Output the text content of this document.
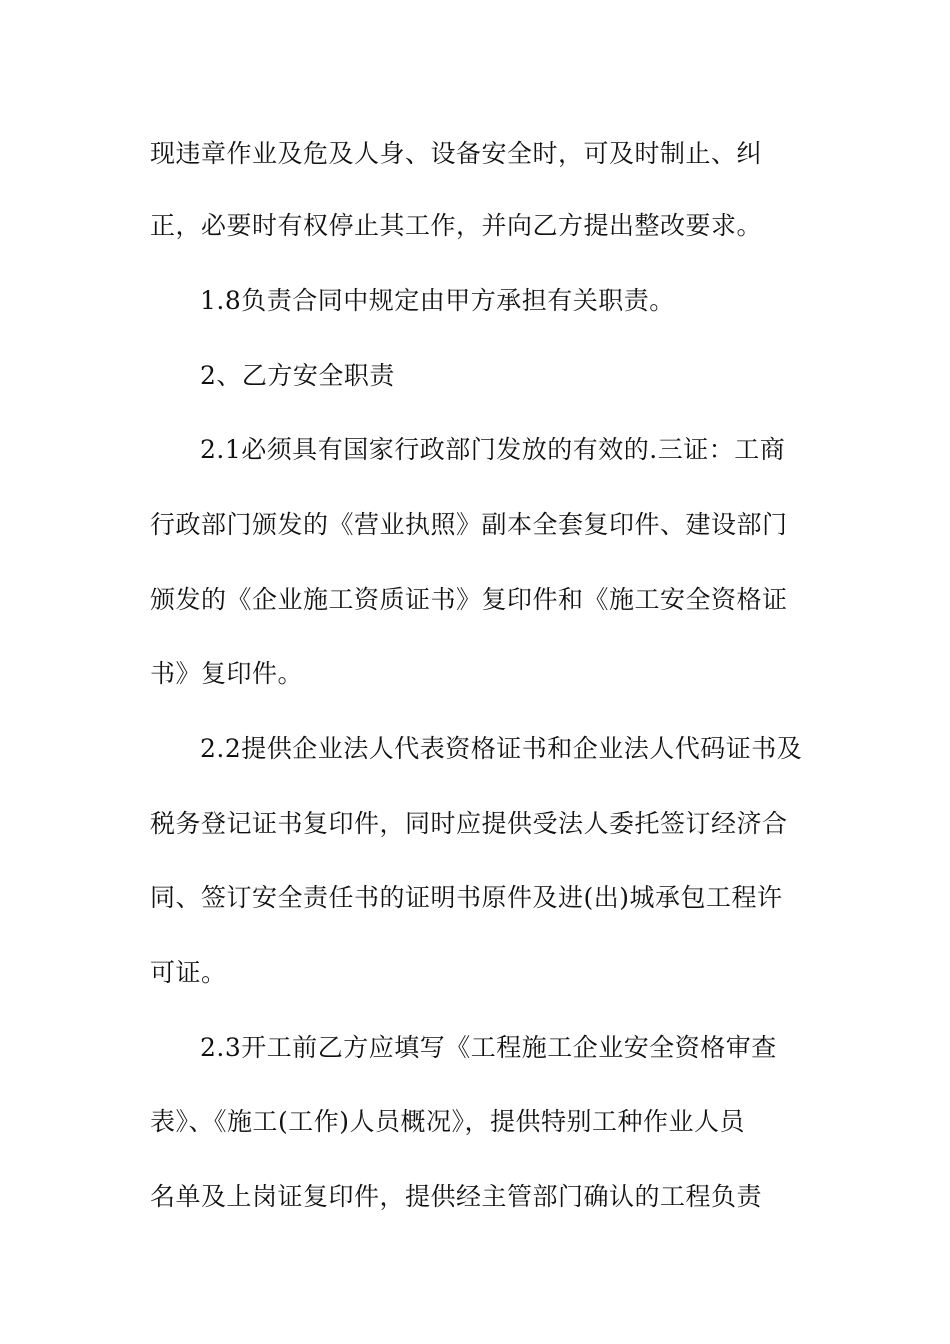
现违章作业及危及人身、设备安全时，可及时制止、纠
正，必要时有权停止其工作，并向乙方提出整改要求。
1.8负责合同中规定由甲方承担有关职责。
2、乙方安全职责
2.1必须具有国家行政部门发放的有效的.三证：工商
行政部门颁发的《营业执照》副本全套复印件、建设部门
颁发的《企业施工资质证书》复印件和《施工安全资格证
书》复印件。
2.2提供企业法人代表资格证书和企业法人代码证书及
税务登记证书复印件，同时应提供受法人委托签订经济合
同、签订安全责任书的证明书原件及进(出)城承包工程许
可证。
2.3开工前乙方应填写《工程施工企业安全资格审查
表》、《施工(工作)人员概况》，提供特别工种作业人员
名单及上岗证复印件，提供经主管部门确认的工程负责
